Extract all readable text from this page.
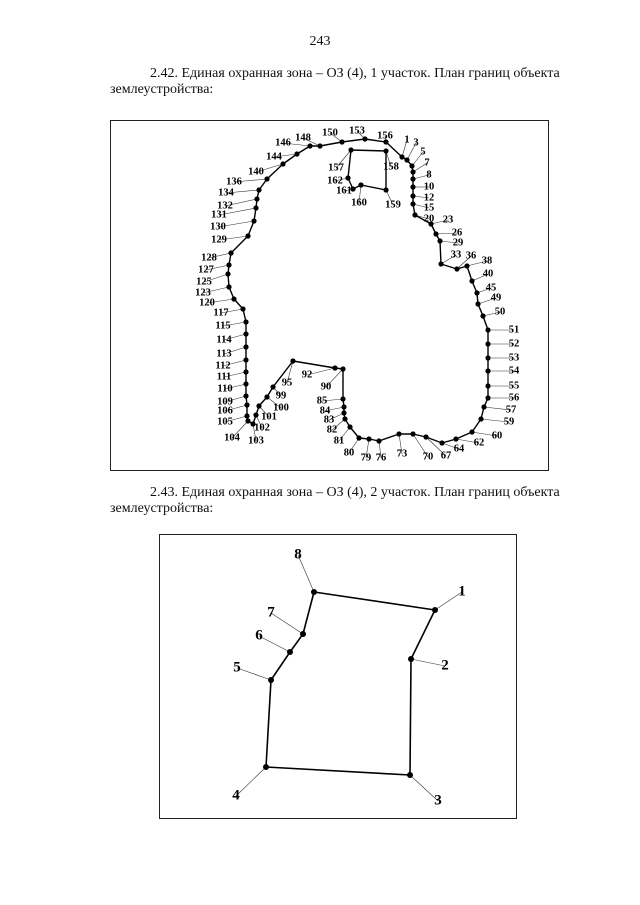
243
2.42. Единая охранная зона – ОЗ (4), 1 участок. План границ объекта
землеустройства:
1 3
5
7
8
10
12
15
20 23
26
29
33 36 38
40
45
49
50
51
52
53
54
55
56
57
59
60
62
64
67
70
73
76
79
80
81
82
83
84
85
90
92
95
99
100
101
102
103
104
105
106
109
110
111
112
113
114
115
117
120
123
125
127
128
129
130
131
132
134
136
140
144
146 148 150 153 156
157	158
159
160
161
162
2.43. Единая охранная зона – ОЗ (4), 2 участок. План границ объекта
землеустройства:
1
2
3
4
5
6
7
8
